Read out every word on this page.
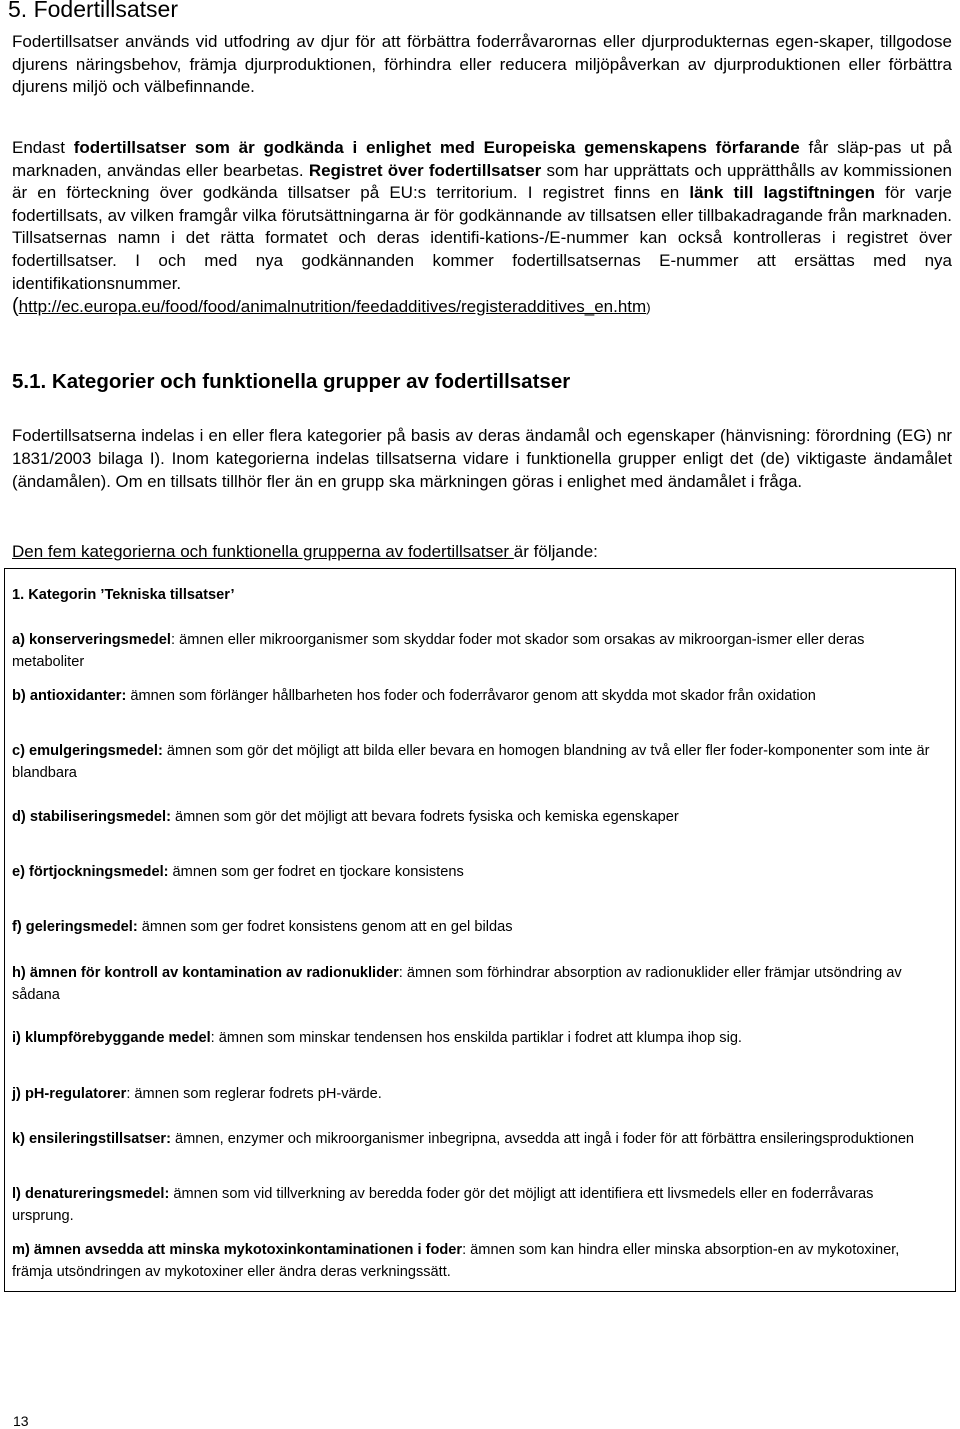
5. Fodertillsatser

Fodertillsatser används vid utfodring av djur för att förbättra foderråvarornas eller djurprodukternas egen-skaper, tillgodose djurens näringsbehov, främja djurproduktionen, förhindra eller reducera miljöpåverkan av djurproduktionen eller förbättra djurens miljö och välbefinnande.

Endast fodertillsatser som är godkända i enlighet med Europeiska gemenskapens förfarande får släp-pas ut på marknaden, användas eller bearbetas. Registret över fodertillsatser som har upprättats och upprätthålls av kommissionen är en förteckning över godkända tillsatser på EU:s territorium. I registret finns en länk till lagstiftningen för varje fodertillsats, av vilken framgår vilka förutsättningarna är för godkännande av tillsatsen eller tillbakadragande från marknaden. Tillsatsernas namn i det rätta formatet och deras identifi-kations-/E-nummer kan också kontrolleras i registret över fodertillsatser. I och med nya godkännanden kommer fodertillsatsernas E-nummer att ersättas med nya identifikationsnummer.
(http://ec.europa.eu/food/food/animalnutrition/feedadditives/registeradditives_en.htm)

5.1. Kategorier och funktionella grupper av fodertillsatser

Fodertillsatserna indelas i en eller flera kategorier på basis av deras ändamål och egenskaper (hänvisning: förordning (EG) nr 1831/2003 bilaga I). Inom kategorierna indelas tillsatserna vidare i funktionella grupper enligt det (de) viktigaste ändamålet (ändamålen). Om en tillsats tillhör fler än en grupp ska märkningen göras i enlighet med ändamålet i fråga.

Den fem kategorierna och funktionella grupperna av fodertillsatser är följande:

1. Kategorin ’Tekniska tillsatser’

a) konserveringsmedel: ämnen eller mikroorganismer som skyddar foder mot skador som orsakas av mikroorgan-ismer eller deras metaboliter

b) antioxidanter: ämnen som förlänger hållbarheten hos foder och foderråvaror genom att skydda mot skador från oxidation

c) emulgeringsmedel: ämnen som gör det möjligt att bilda eller bevara en homogen blandning av två eller fler foder-komponenter som inte är blandbara

d) stabiliseringsmedel: ämnen som gör det möjligt att bevara fodrets fysiska och kemiska egenskaper

e) förtjockningsmedel: ämnen som ger fodret en tjockare konsistens

f) geleringsmedel: ämnen som ger fodret konsistens genom att en gel bildas

h) ämnen för kontroll av kontamination av radionuklider: ämnen som förhindrar absorption av radionuklider eller främjar utsöndring av sådana

i) klumpförebyggande medel: ämnen som minskar tendensen hos enskilda partiklar i fodret att klumpa ihop sig.

j) pH-regulatorer: ämnen som reglerar fodrets pH-värde.

k) ensileringstillsatser: ämnen, enzymer och mikroorganismer inbegripna, avsedda att ingå i foder för att förbättra ensileringsproduktionen

l) denatureringsmedel: ämnen som vid tillverkning av beredda foder gör det möjligt att identifiera ett livsmedels eller en foderråvaras ursprung.

m) ämnen avsedda att minska mykotoxinkontaminationen i foder: ämnen som kan hindra eller minska absorption-en av mykotoxiner, främja utsöndringen av mykotoxiner eller ändra deras verkningssätt.

13
